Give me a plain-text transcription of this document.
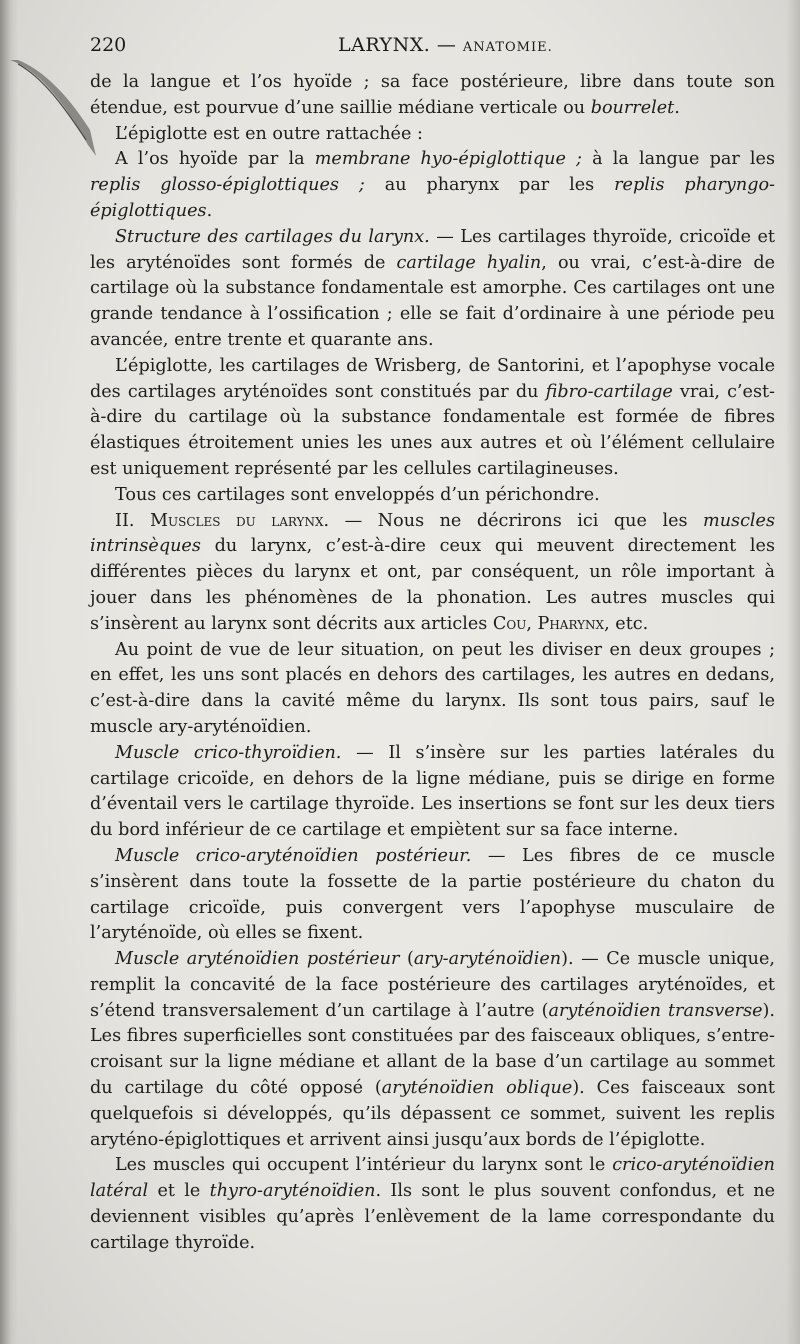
220	LARYNX. — ANATOMIE.

de la langue et l’os hyoïde ; sa face postérieure, libre dans toute son étendue, est pourvue d’une saillie médiane verticale ou bourrelet.

L’épiglotte est en outre rattachée :

A l’os hyoïde par la membrane hyo-épiglottique ; à la langue par les replis glosso-épiglottiques ; au pharynx par les replis pharyngo-épiglottiques.

Structure des cartilages du larynx. — Les cartilages thyroïde, cricoïde et les aryténoïdes sont formés de cartilage hyalin, ou vrai, c’est-à-dire de cartilage où la substance fondamentale est amorphe. Ces cartilages ont une grande tendance à l’ossification ; elle se fait d’ordinaire à une période peu avancée, entre trente et quarante ans.

L’épiglotte, les cartilages de Wrisberg, de Santorini, et l’apophyse vocale des cartilages aryténoïdes sont constitués par du fibro-cartilage vrai, c’est-à-dire du cartilage où la substance fondamentale est formée de fibres élastiques étroitement unies les unes aux autres et où l’élément cellulaire est uniquement représenté par les cellules cartilagineuses.

Tous ces cartilages sont enveloppés d’un périchondre.

II. Muscles du larynx. — Nous ne décrirons ici que les muscles intrinsèques du larynx, c’est-à-dire ceux qui meuvent directement les différentes pièces du larynx et ont, par conséquent, un rôle important à jouer dans les phénomènes de la phonation. Les autres muscles qui s’insèrent au larynx sont décrits aux articles Cou, Pharynx, etc.

Au point de vue de leur situation, on peut les diviser en deux groupes ; en effet, les uns sont placés en dehors des cartilages, les autres en dedans, c’est-à-dire dans la cavité même du larynx. Ils sont tous pairs, sauf le muscle ary-aryténoïdien.

Muscle crico-thyroïdien. — Il s’insère sur les parties latérales du cartilage cricoïde, en dehors de la ligne médiane, puis se dirige en forme d’éventail vers le cartilage thyroïde. Les insertions se font sur les deux tiers du bord inférieur de ce cartilage et empiètent sur sa face interne.

Muscle crico-aryténoïdien postérieur. — Les fibres de ce muscle s’insèrent dans toute la fossette de la partie postérieure du chaton du cartilage cricoïde, puis convergent vers l’apophyse musculaire de l’aryténoïde, où elles se fixent.

Muscle aryténoïdien postérieur (ary-aryténoïdien). — Ce muscle unique, remplit la concavité de la face postérieure des cartilages aryténoïdes, et s’étend transversalement d’un cartilage à l’autre (aryténoïdien transverse). Les fibres superficielles sont constituées par des faisceaux obliques, s’entre-croisant sur la ligne médiane et allant de la base d’un cartilage au sommet du cartilage du côté opposé (aryténoïdien oblique). Ces faisceaux sont quelquefois si développés, qu’ils dépassent ce sommet, suivent les replis aryténo-épiglottiques et arrivent ainsi jusqu’aux bords de l’épiglotte.

Les muscles qui occupent l’intérieur du larynx sont le crico-aryténoïdien latéral et le thyro-aryténoïdien. Ils sont le plus souvent confondus, et ne deviennent visibles qu’après l’enlèvement de la lame correspondante du cartilage thyroïde.
